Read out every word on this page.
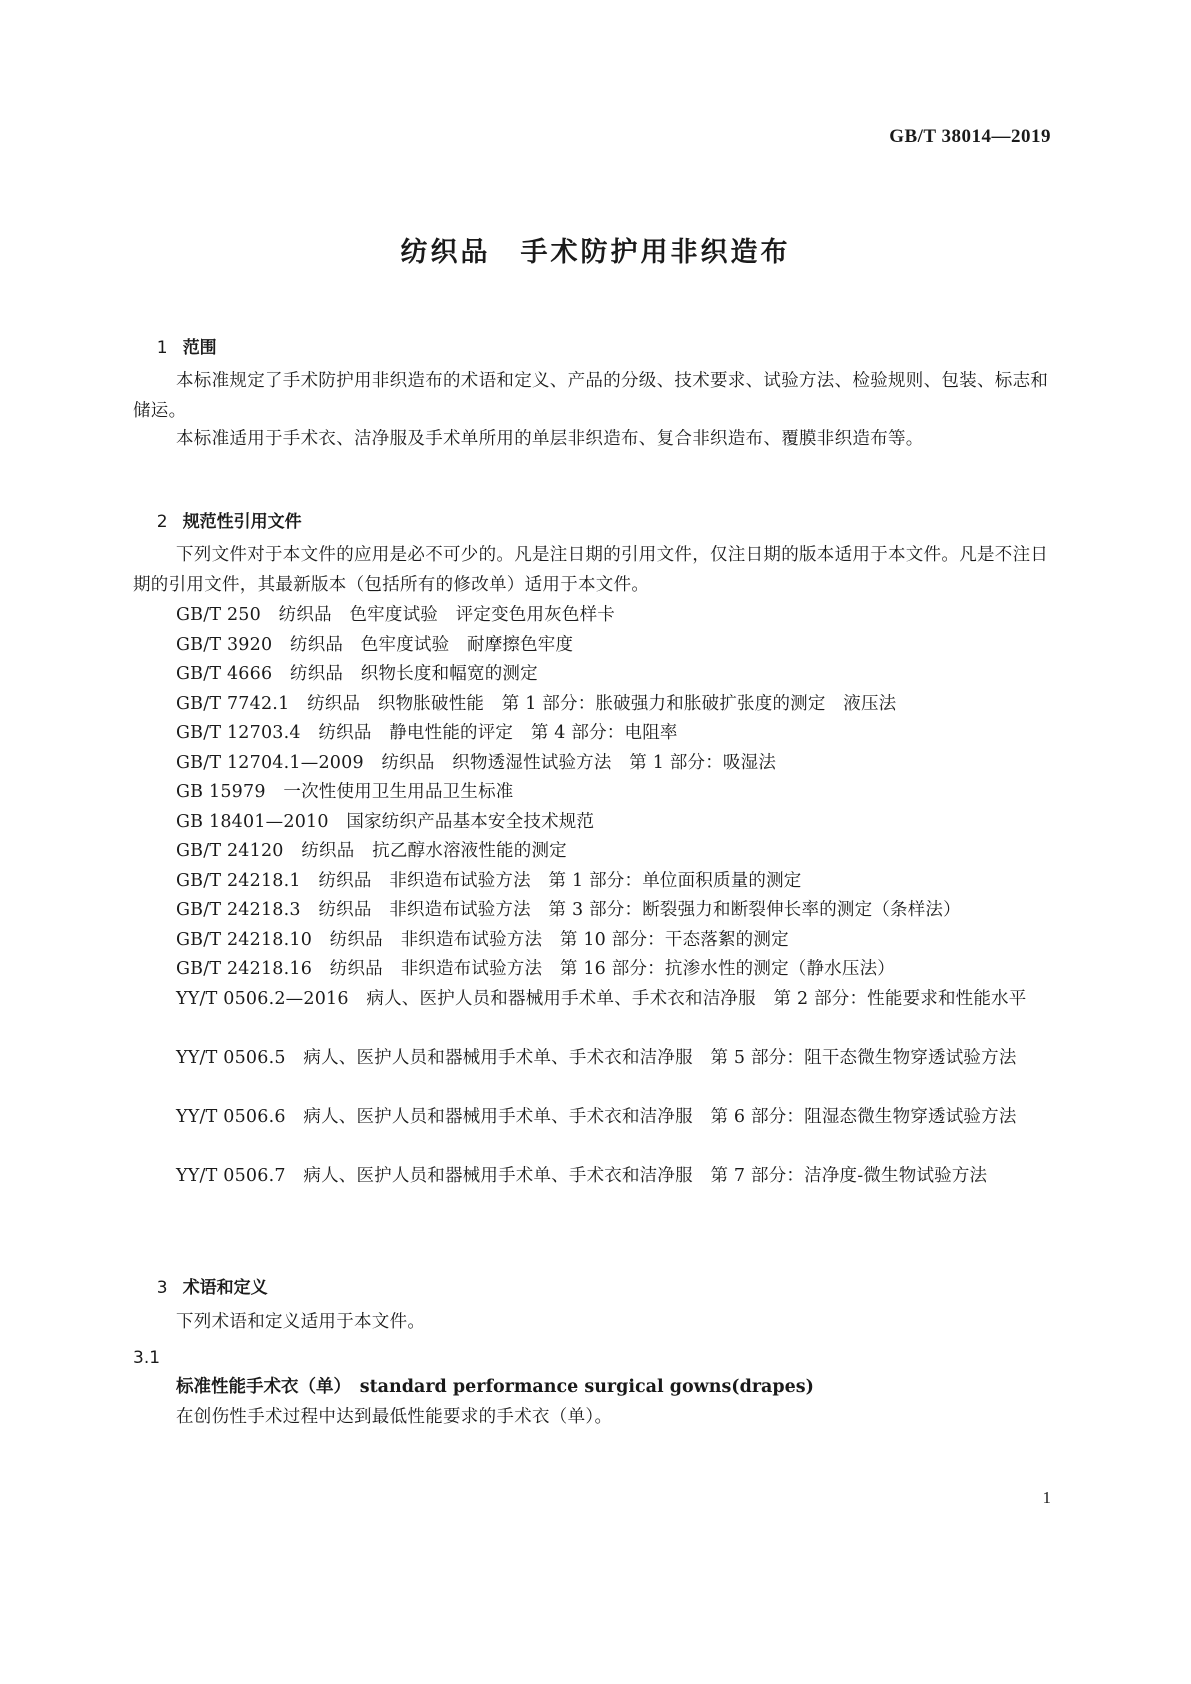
GB/T 38014—2019
纺织品　手术防护用非织造布

1 范围

本标准规定了手术防护用非织造布的术语和定义、产品的分级、技术要求、试验方法、检验规则、包装、标志和储运。
本标准适用于手术衣、洁净服及手术单所用的单层非织造布、复合非织造布、覆膜非织造布等。

2 规范性引用文件

下列文件对于本文件的应用是必不可少的。凡是注日期的引用文件，仅注日期的版本适用于本文件。凡是不注日期的引用文件，其最新版本（包括所有的修改单）适用于本文件。
GB/T 250　纺织品　色牢度试验　评定变色用灰色样卡
GB/T 3920　纺织品　色牢度试验　耐摩擦色牢度
GB/T 4666　纺织品　织物长度和幅宽的测定
GB/T 7742.1　纺织品　织物胀破性能　第 1 部分：胀破强力和胀破扩张度的测定　液压法
GB/T 12703.4　纺织品　静电性能的评定　第 4 部分：电阻率
GB/T 12704.1—2009　纺织品　织物透湿性试验方法　第 1 部分：吸湿法
GB 15979　一次性使用卫生用品卫生标准
GB 18401—2010　国家纺织产品基本安全技术规范
GB/T 24120　纺织品　抗乙醇水溶液性能的测定
GB/T 24218.1　纺织品　非织造布试验方法　第 1 部分：单位面积质量的测定
GB/T 24218.3　纺织品　非织造布试验方法　第 3 部分：断裂强力和断裂伸长率的测定（条样法）
GB/T 24218.10　纺织品　非织造布试验方法　第 10 部分：干态落絮的测定
GB/T 24218.16　纺织品　非织造布试验方法　第 16 部分：抗渗水性的测定（静水压法）
YY/T 0506.2—2016　病人、医护人员和器械用手术单、手术衣和洁净服　第 2 部分：性能要求和性能水平
YY/T 0506.5　病人、医护人员和器械用手术单、手术衣和洁净服　第 5 部分：阻干态微生物穿透试验方法
YY/T 0506.6　病人、医护人员和器械用手术单、手术衣和洁净服　第 6 部分：阻湿态微生物穿透试验方法
YY/T 0506.7　病人、医护人员和器械用手术单、手术衣和洁净服　第 7 部分：洁净度-微生物试验方法

3 术语和定义

下列术语和定义适用于本文件。
3.1
标准性能手术衣（单）　standard performance surgical gowns(drapes)
在创伤性手术过程中达到最低性能要求的手术衣（单）。
1
